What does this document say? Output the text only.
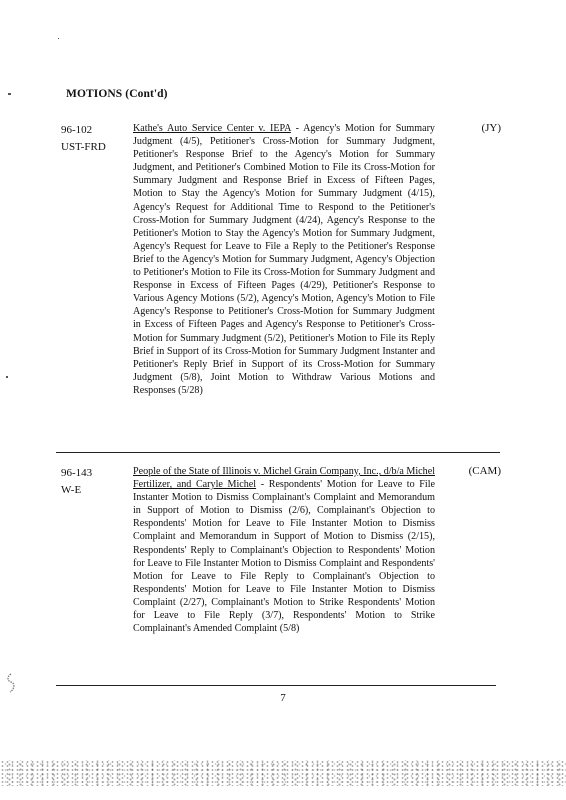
MOTIONS (Cont'd)
96-102
UST-FRD
Kathe's Auto Service Center v. IEPA - Agency's Motion for Summary Judgment (4/5), Petitioner's Cross-Motion for Summary Judgment, Petitioner's Response Brief to the Agency's Motion for Summary Judgment, and Petitioner's Combined Motion to File its Cross-Motion for Summary Judgment and Response Brief in Excess of Fifteen Pages, Motion to Stay the Agency's Motion for Summary Judgment (4/15), Agency's Request for Additional Time to Respond to the Petitioner's Cross-Motion for Summary Judgment (4/24), Agency's Response to the Petitioner's Motion to Stay the Agency's Motion for Summary Judgment, Agency's Request for Leave to File a Reply to the Petitioner's Response Brief to the Agency's Motion for Summary Judgment, Agency's Objection to Petitioner's Motion to File its Cross-Motion for Summary Judgment and Response in Excess of Fifteen Pages (4/29), Petitioner's Response to Various Agency Motions (5/2), Agency's Motion, Agency's Motion to File Agency's Response to Petitioner's Cross-Motion for Summary Judgment in Excess of Fifteen Pages and Agency's Response to Petitioner's Cross-Motion for Summary Judgment (5/2), Petitioner's Motion to File its Reply Brief in Support of its Cross-Motion for Summary Judgment Instanter and Petitioner's Reply Brief in Support of its Cross-Motion for Summary Judgment (5/8), Joint Motion to Withdraw Various Motions and Responses (5/28)
(JY)
96-143
W-E
People of the State of Illinois v. Michel Grain Company, Inc., d/b/a Michel Fertilizer, and Caryle Michel - Respondents' Motion for Leave to File Instanter Motion to Dismiss Complainant's Complaint and Memorandum in Support of Motion to Dismiss (2/6), Complainant's Objection to Respondents' Motion for Leave to File Instanter Motion to Dismiss Complaint and Memorandum in Support of Motion to Dismiss (2/15), Respondents' Reply to Complainant's Objection to Respondents' Motion for Leave to File Instanter Motion to Dismiss Complaint and Respondents' Motion for Leave to File Reply to Complainant's Objection to Respondents' Motion for Leave to File Instanter Motion to Dismiss Complaint (2/27), Complainant's Motion to Strike Respondents' Motion for Leave to File Reply (3/7), Respondents' Motion to Strike Complainant's Amended Complaint (5/8)
(CAM)
7
